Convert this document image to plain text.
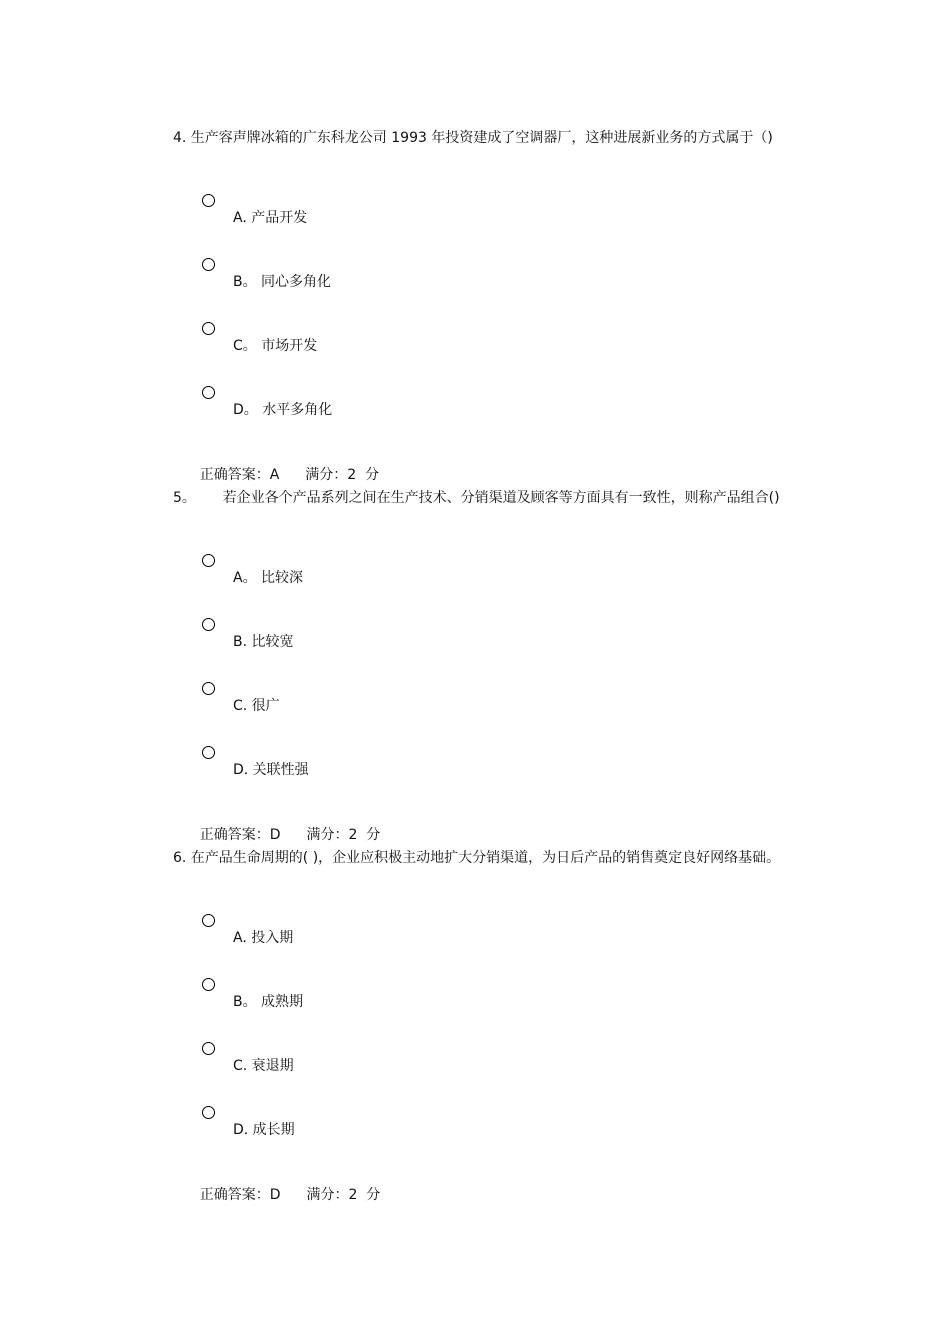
4. 生产容声牌冰箱的广东科龙公司 1993 年投资建成了空调器厂，这种进展新业务的方式属于（)
A. 产品开发
B。 同心多角化
C。 市场开发
D。 水平多角化

正确答案：A 满分：2  分

5。      若企业各个产品系列之间在生产技术、分销渠道及顾客等方面具有一致性，则称产品组合()
A。 比较深
B. 比较宽
C. 很广
D. 关联性强

正确答案：D 满分：2  分

6. 在产品生命周期的( )，企业应积极主动地扩大分销渠道，为日后产品的销售奠定良好网络基础。
A. 投入期
B。 成熟期
C. 衰退期
D. 成长期

正确答案：D 满分：2  分
